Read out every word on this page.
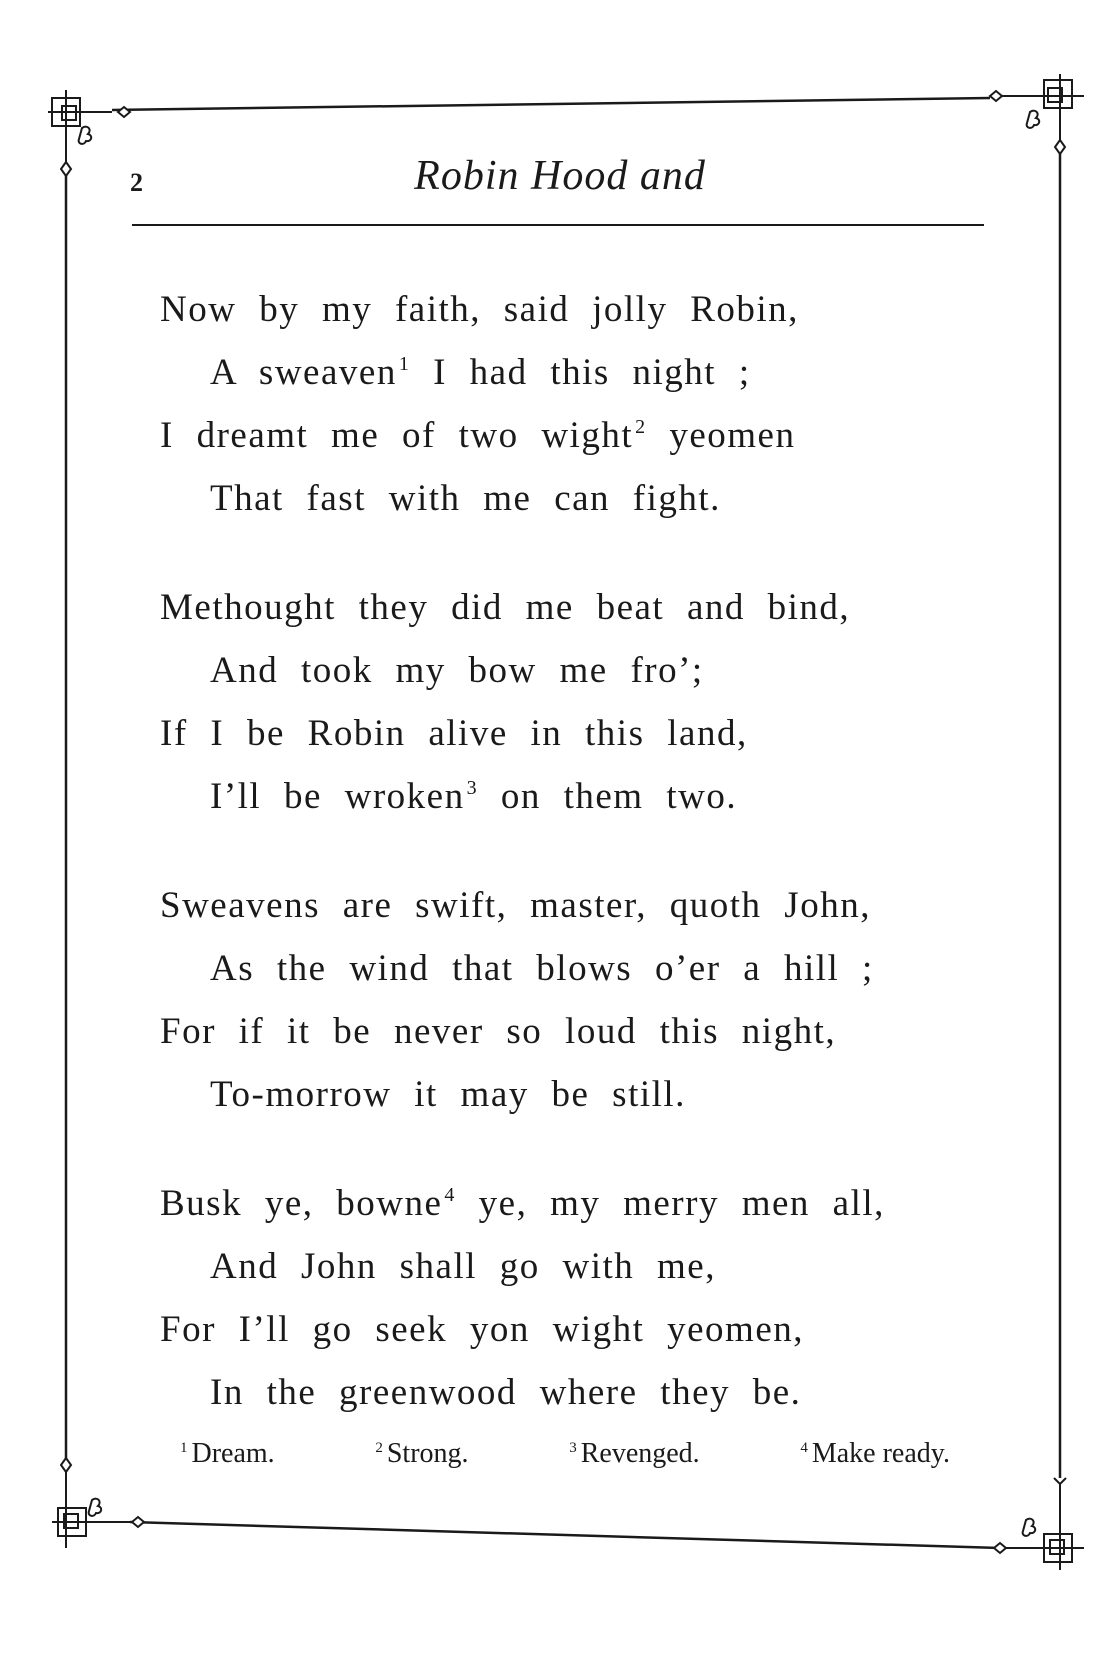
2	Robin Hood and
Now by my faith, said jolly Robin,
A sweaven $^1$ I had this night ;
I dreamt me of two wight $^2$ yeomen
That fast with me can fight.
Methought they did me beat and bind,
And took my bow me fro’;
If I be Robin alive in this land,
I’ll be wroken $^3$ on them two.
Sweavens are swift, master, quoth John,
As the wind that blows o’er a hill ;
For if it be never so loud this night,
To-morrow it may be still.
Busk ye, bowne $^4$ ye, my merry men all,
And John shall go with me,
For I’ll go seek yon wight yeomen,
In the greenwood where they be.
$^1$ Dream.	$^2$ Strong.	$^3$ Revenged.	$^4$ Make ready.
